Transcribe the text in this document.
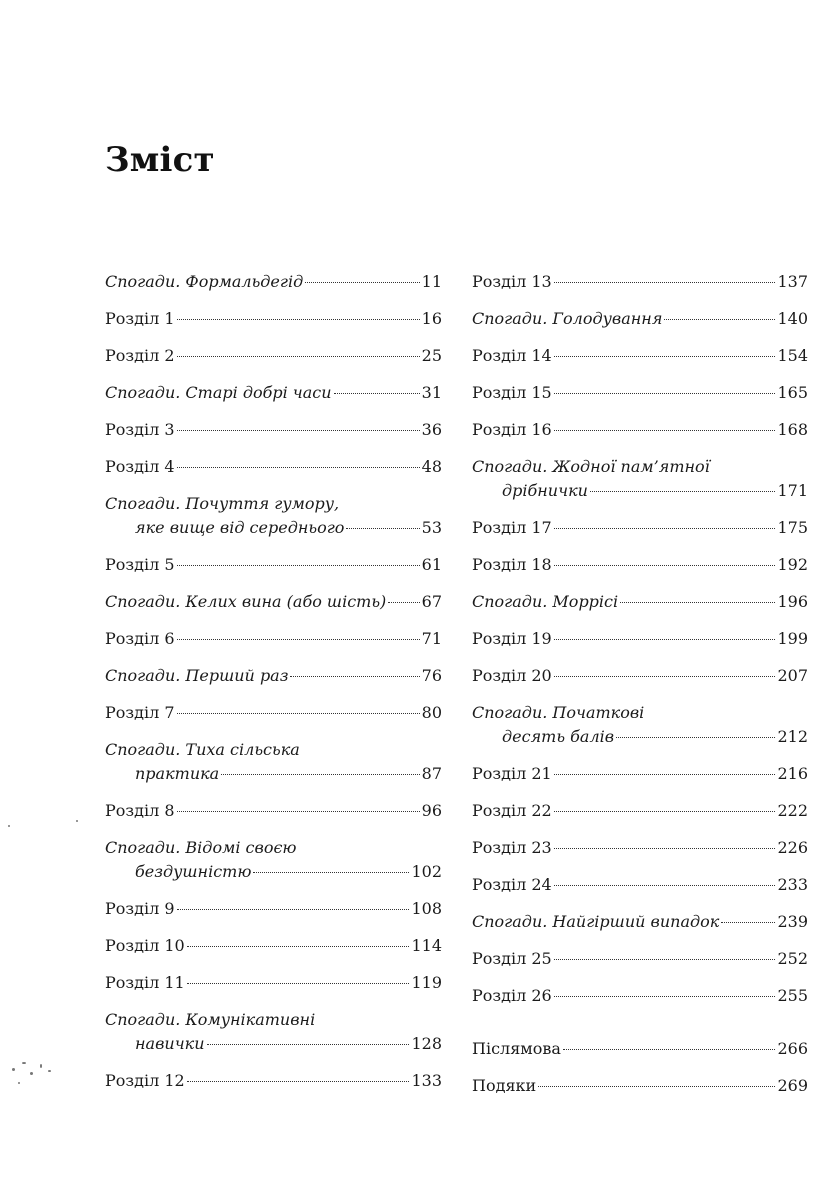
Зміст
Спогади. Формальдегід	11
Розділ 1	16
Розділ 2	25
Спогади. Старі добрі часи	31
Розділ 3	36
Розділ 4	48
Спогади. Почуття гумору,
яке вище від середнього	53
Розділ 5	61
Спогади. Келих вина (або шість) 67
Розділ 6	71
Спогади. Перший раз	76
Розділ 7	80
Спогади. Тиха сільська
практика	87
Розділ 8	96
Спогади. Відомі своєю
бездушністю	102
Розділ 9	108
Розділ 10	114
Розділ 11	119
Спогади. Комунікативні
навички	128
Розділ 12	133
Розділ 13	137
Спогади. Голодування	140
Розділ 14	154
Розділ 15	165
Розділ 16	168
Спогади. Жодної пам’ятної
дрібнички	171
Розділ 17	175
Розділ 18	192
Спогади. Моррісі	196
Розділ 19	199
Розділ 20	207
Спогади. Початкові
десять балів	212
Розділ 21	216
Розділ 22	222
Розділ 23	226
Розділ 24	233
Спогади. Найгірший випадок	239
Розділ 25	252
Розділ 26	255
Післямова	266
Подяки	269
